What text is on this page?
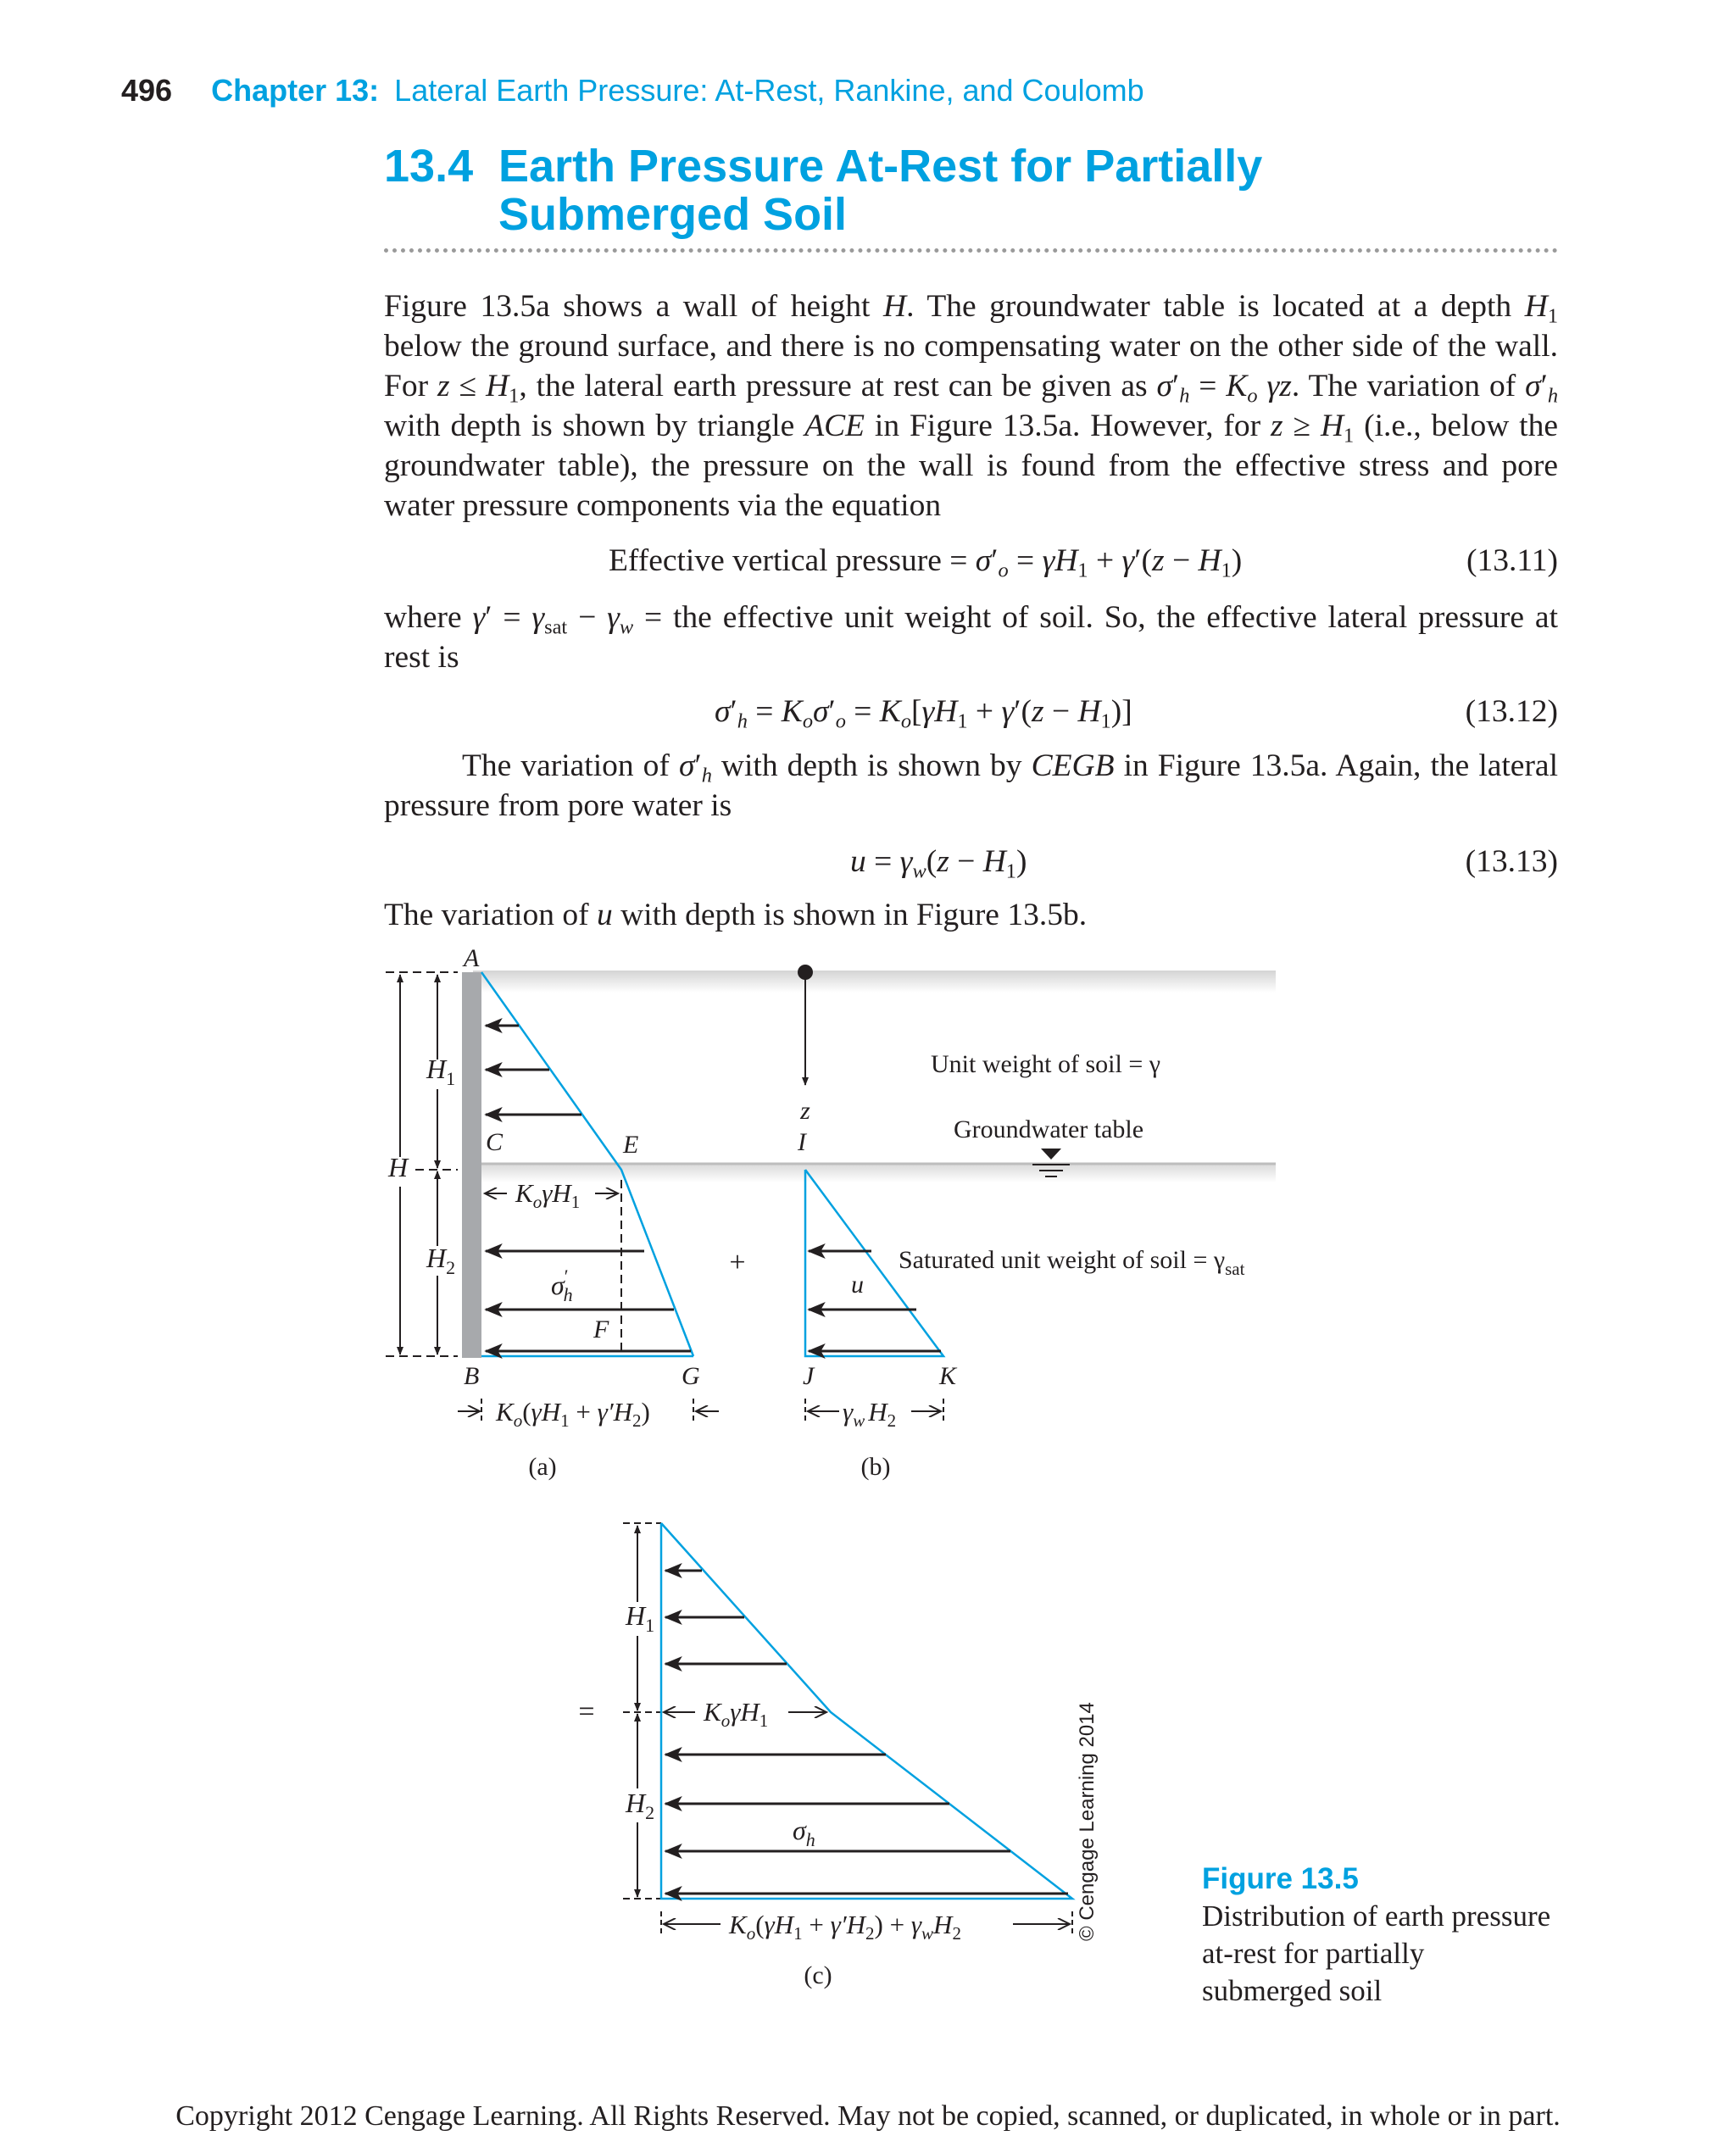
496 Chapter 13: Lateral Earth Pressure: At-Rest, Rankine, and Coulomb
13.4 Earth Pressure At-Rest for Partially
Submerged Soil
Figure 13.5a shows a wall of height H. The groundwater table is located at a depth $H_1$ below the ground surface, and there is no compensating water on the other side of the wall. For $z \le H_1$, the lateral earth pressure at rest can be given as $\sigma'_h = K_o$ γz. The variation of $\sigma'_h$ with depth is shown by triangle ACE in Figure 13.5a. However, for $z \ge H_1$ (i.e., below the groundwater table), the pressure on the wall is found from the effective stress and pore water pressure components via the equation
Effective vertical pressure = $\sigma'_o = \gamma H_1 + \gamma'(z - H_1)$	(13.11)
where $\gamma' = \gamma_{sat} - \gamma_w$ = the effective unit weight of soil. So, the effective lateral pressure at rest is
$\sigma'_h = K_o\sigma'_o = K_o[\gamma H_1 + \gamma'(z - H_1)]$	(13.12)
The variation of $\sigma'_h$ with depth is shown by CEGB in Figure 13.5a. Again, the lateral pressure from pore water is
$u = \gamma_w(z - H_1)$	(13.13)
The variation of u with depth is shown in Figure 13.5b.
H
$H_1$
$H_2$
A
C	E
F
B	G
$K_o\gamma H_1$
σ′ h
$K_o(\gamma H_1 + \gamma'H_2)$
(a)
+
z
I
u
J	K
$\gamma_w$ $H_2$
(b)
Unit weight of soil = γ
Groundwater table
Saturated unit weight of soil = $\gamma_{sat}$
=
$H_1$
$H_2$
$K_o\gamma H_1$
$\sigma_h$
$K_o(\gamma H_1 + \gamma'H_2) + \gamma_wH_2$
(c)
© Cengage Learning 2014	Figure 13.5
Distribution of earth pressure at-rest for partially submerged soil
Copyright 2012 Cengage Learning. All Rights Reserved. May not be copied, scanned, or duplicated, in whole or in part.
